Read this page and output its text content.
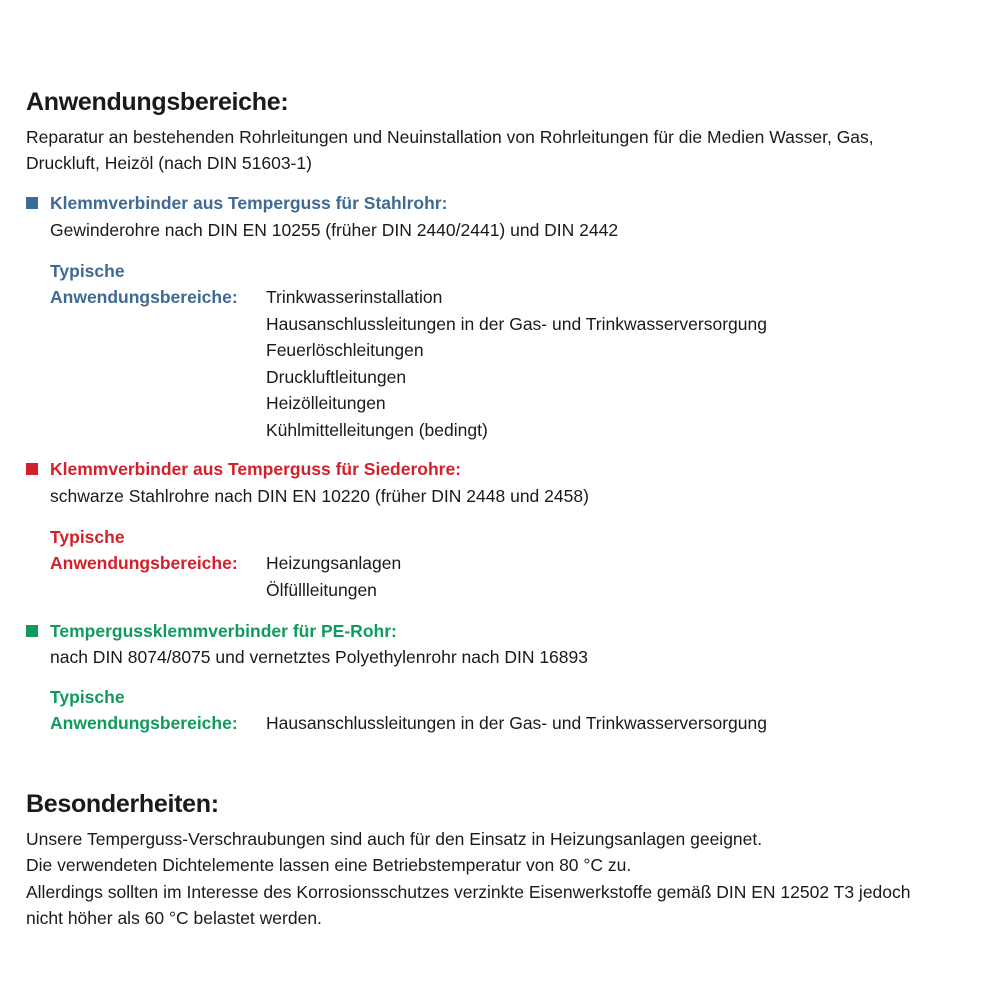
Anwendungsbereiche:
Reparatur an bestehenden Rohrleitungen und Neuinstallation von Rohrleitungen für die Medien Wasser, Gas,
Druckluft, Heizöl (nach DIN 51603-1)
Klemmverbinder aus Temperguss für Stahlrohr:
Gewinderohre nach DIN EN 10255 (früher DIN 2440/2441) und DIN 2442
Typische
Anwendungsbereiche: Trinkwasserinstallation
Hausanschlussleitungen in der Gas- und Trinkwasserversorgung
Feuerlöschleitungen
Druckluftleitungen
Heizölleitungen
Kühlmittelleitungen (bedingt)
Klemmverbinder aus Temperguss für Siederohre:
schwarze Stahlrohre nach DIN EN 10220 (früher DIN 2448 und 2458)
Typische
Anwendungsbereiche: Heizungsanlagen
Ölfüllleitungen
Tempergussklemmverbinder für PE-Rohr:
nach DIN 8074/8075 und vernetztes Polyethylenrohr nach DIN 16893
Typische
Anwendungsbereiche: Hausanschlussleitungen in der Gas- und Trinkwasserversorgung
Besonderheiten:
Unsere Temperguss-Verschraubungen sind auch für den Einsatz in Heizungsanlagen geeignet.
Die verwendeten Dichtelemente lassen eine Betriebstemperatur von 80 °C zu.
Allerdings sollten im Interesse des Korrosionsschutzes verzinkte Eisenwerkstoffe gemäß DIN EN 12502 T3 jedoch
nicht höher als 60 °C belastet werden.
